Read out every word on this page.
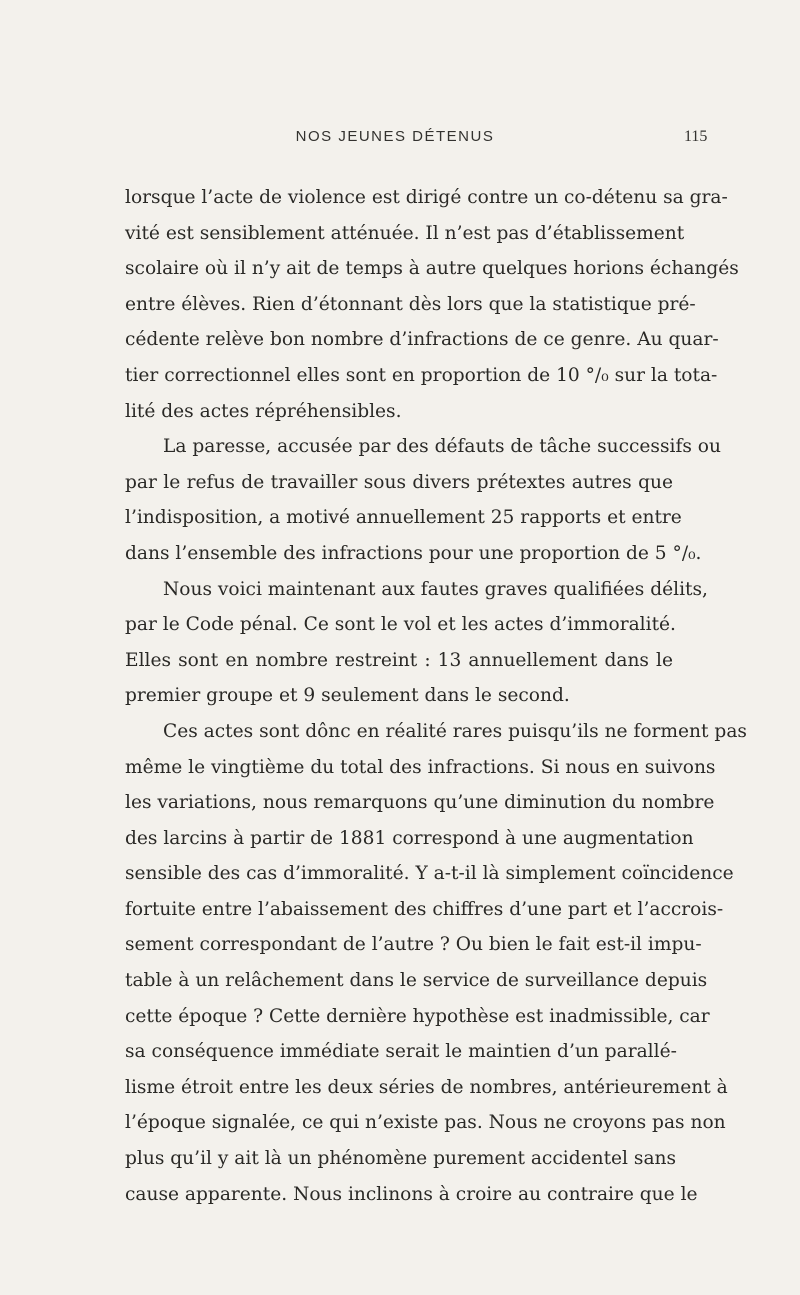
NOS JEUNES DÉTENUS	115
lorsque l’acte de violence est dirigé contre un co-détenu sa gra-
vité est sensiblement atténuée. Il n’est pas d’établissement
scolaire où il n’y ait de temps à autre quelques horions échangés
entre élèves. Rien d’étonnant dès lors que la statistique pré-
cédente relève bon nombre d’infractions de ce genre. Au quar-
tier correctionnel elles sont en proportion de 10 °/₀ sur la tota-
lité des actes répréhensibles.
La paresse, accusée par des défauts de tâche successifs ou
par le refus de travailler sous divers prétextes autres que
l’indisposition, a motivé annuellement 25 rapports et entre
dans l’ensemble des infractions pour une proportion de 5 °/₀.
Nous voici maintenant aux fautes graves qualifiées délits,
par le Code pénal. Ce sont le vol et les actes d’immoralité.
Elles sont en nombre restreint : 13 annuellement dans le
premier groupe et 9 seulement dans le second.
Ces actes sont dônc en réalité rares puisqu’ils ne forment pas
même le vingtième du total des infractions. Si nous en suivons
les variations, nous remarquons qu’une diminution du nombre
des larcins à partir de 1881 correspond à une augmentation
sensible des cas d’immoralité. Y a-t-il là simplement coïncidence
fortuite entre l’abaissement des chiffres d’une part et l’accrois-
sement correspondant de l’autre ? Ou bien le fait est-il impu-
table à un relâchement dans le service de surveillance depuis
cette époque ? Cette dernière hypothèse est inadmissible, car
sa conséquence immédiate serait le maintien d’un parallé-
lisme étroit entre les deux séries de nombres, antérieurement à
l’époque signalée, ce qui n’existe pas. Nous ne croyons pas non
plus qu’il y ait là un phénomène purement accidentel sans
cause apparente. Nous inclinons à croire au contraire que le
